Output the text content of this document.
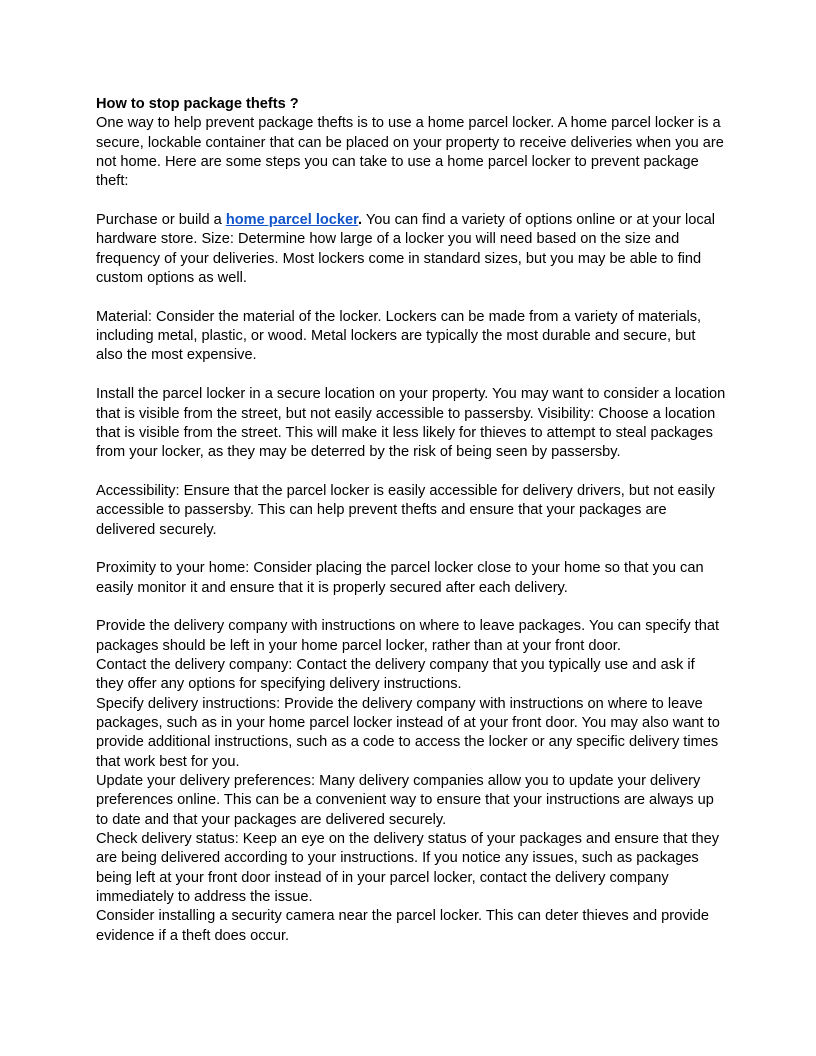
How to stop package thefts ?

One way to help prevent package thefts is to use a home parcel locker. A home parcel locker is a secure, lockable container that can be placed on your property to receive deliveries when you are not home. Here are some steps you can take to use a home parcel locker to prevent package theft:

Purchase or build a home parcel locker. You can find a variety of options online or at your local hardware store. Size: Determine how large of a locker you will need based on the size and frequency of your deliveries. Most lockers come in standard sizes, but you may be able to find custom options as well.

Material: Consider the material of the locker. Lockers can be made from a variety of materials, including metal, plastic, or wood. Metal lockers are typically the most durable and secure, but also the most expensive.

Install the parcel locker in a secure location on your property. You may want to consider a location that is visible from the street, but not easily accessible to passersby. Visibility: Choose a location that is visible from the street. This will make it less likely for thieves to attempt to steal packages from your locker, as they may be deterred by the risk of being seen by passersby.

Accessibility: Ensure that the parcel locker is easily accessible for delivery drivers, but not easily accessible to passersby. This can help prevent thefts and ensure that your packages are delivered securely.

Proximity to your home: Consider placing the parcel locker close to your home so that you can easily monitor it and ensure that it is properly secured after each delivery.

Provide the delivery company with instructions on where to leave packages. You can specify that packages should be left in your home parcel locker, rather than at your front door.

Contact the delivery company: Contact the delivery company that you typically use and ask if they offer any options for specifying delivery instructions.

Specify delivery instructions: Provide the delivery company with instructions on where to leave packages, such as in your home parcel locker instead of at your front door. You may also want to provide additional instructions, such as a code to access the locker or any specific delivery times that work best for you.

Update your delivery preferences: Many delivery companies allow you to update your delivery preferences online. This can be a convenient way to ensure that your instructions are always up to date and that your packages are delivered securely.

Check delivery status: Keep an eye on the delivery status of your packages and ensure that they are being delivered according to your instructions. If you notice any issues, such as packages being left at your front door instead of in your parcel locker, contact the delivery company immediately to address the issue.

Consider installing a security camera near the parcel locker. This can deter thieves and provide evidence if a theft does occur.
